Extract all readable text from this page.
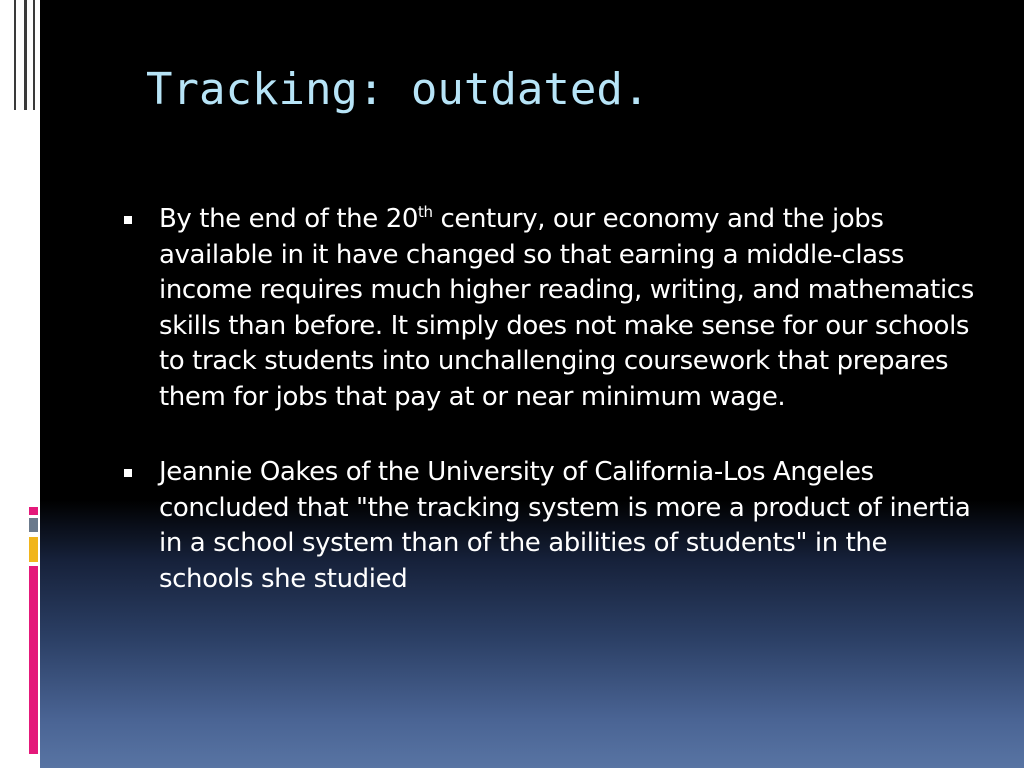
Tracking: outdated.
By the end of the 20th century, our economy and the jobs available in it have changed so that earning a middle-class income requires much higher reading, writing, and mathematics skills than before. It simply does not make sense for our schools to track students into unchallenging coursework that prepares them for jobs that pay at or near minimum wage.
Jeannie Oakes of the University of California-Los Angeles concluded that "the tracking system is more a product of inertia in a school system than of the abilities of students" in the schools she studied
